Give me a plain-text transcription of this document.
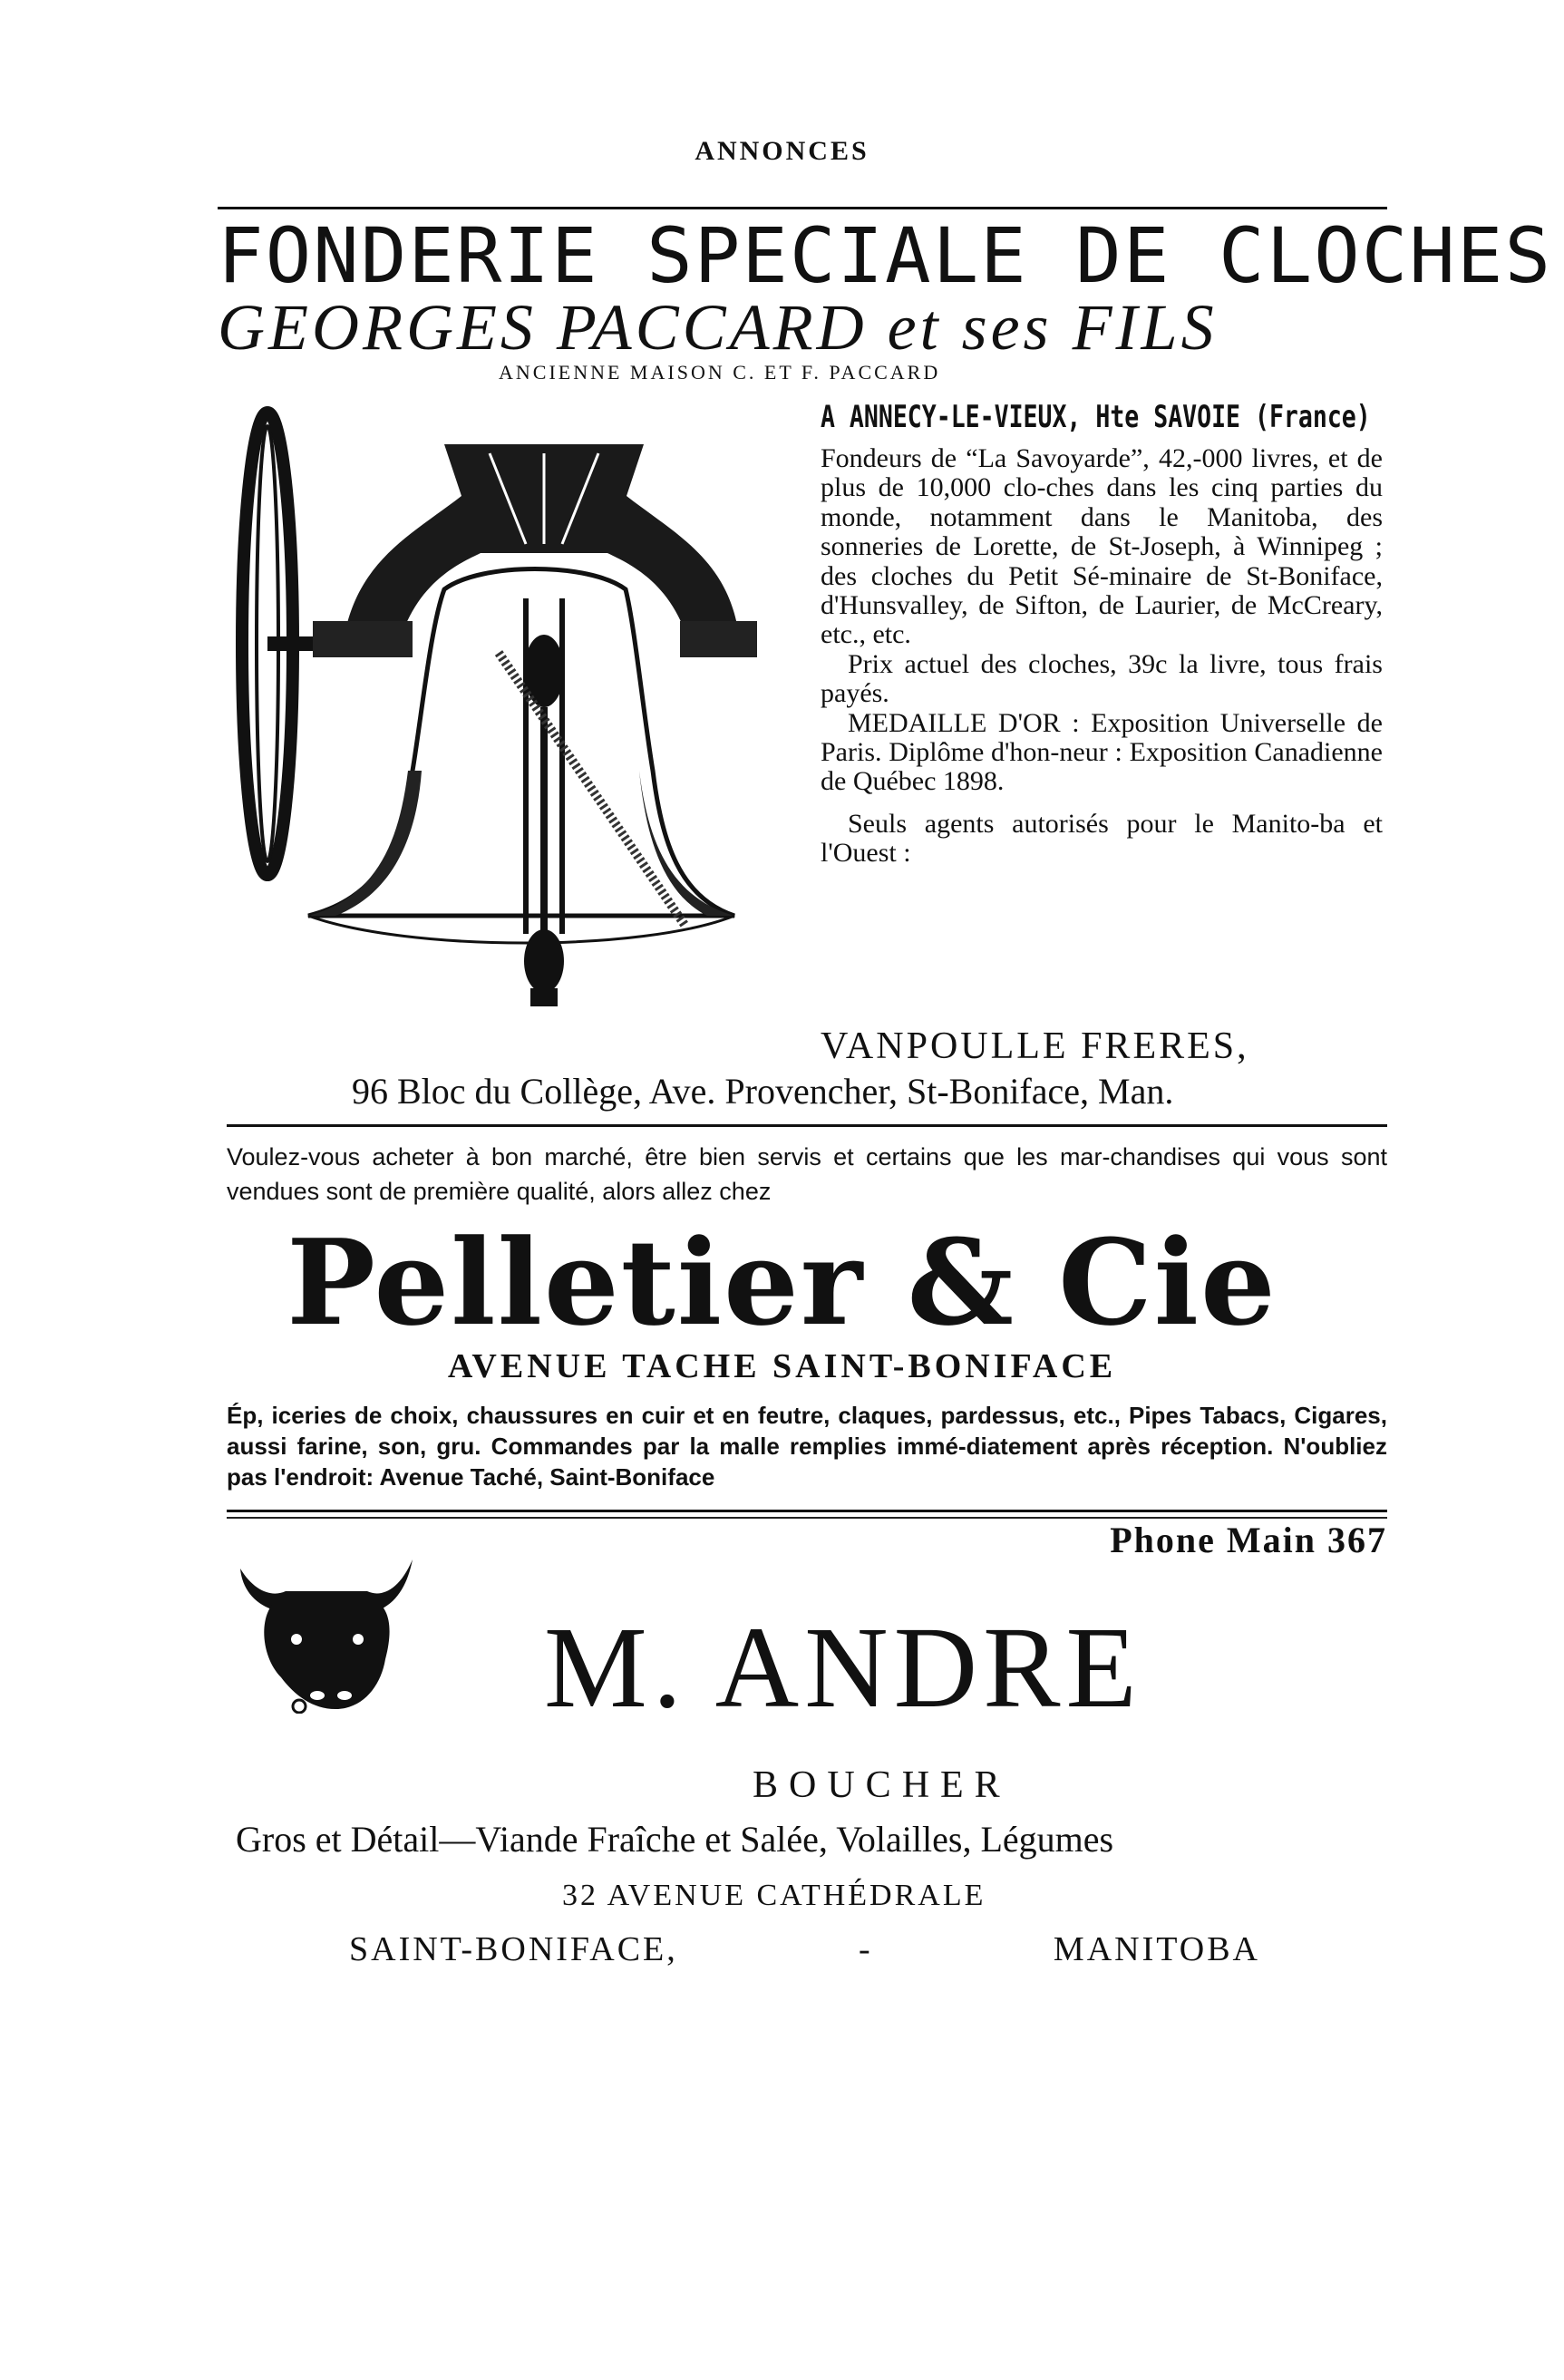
ANNONCES
FONDERIE SPECIALE DE CLOCHES
GEORGES PACCARD et ses FILS
ANCIENNE MAISON C. ET F. PACCARD
A ANNECY-LE-VIEUX, Hte SAVOIE (France)

Fondeurs de “La Savoyarde”, 42,-000 livres, et de plus de 10,000 clo-ches dans les cinq parties du monde, notamment dans le Manitoba, des sonneries de Lorette, de St-Joseph, à Winnipeg ; des cloches du Petit Sé-minaire de St-Boniface, d'Hunsvalley, de Sifton, de Laurier, de McCreary, etc., etc.

Prix actuel des cloches, 39c la livre, tous frais payés.

MEDAILLE D'OR : Exposition Universelle de Paris. Diplôme d'hon-neur : Exposition Canadienne de Québec 1898.

Seuls agents autorisés pour le Manito-ba et l'Ouest :

VANPOULLE FRERES,
96 Bloc du Collège, Ave. Provencher, St-Boniface, Man.
Voulez-vous acheter à bon marché, être bien servis et certains que les mar-chandises qui vous sont vendues sont de première qualité, alors allez chez
Pelletier & Cie
AVENUE TACHE SAINT-BONIFACE
Ép, iceries de choix, chaussures en cuir et en feutre, claques, pardessus, etc., Pipes Tabacs, Cigares, aussi farine, son, gru. Commandes par la malle remplies immé-diatement après réception. N'oubliez pas l'endroit: Avenue Taché, Saint-Boniface
Phone Main 367
M. ANDRE
BOUCHER
Gros et Détail—Viande Fraîche et Salée, Volailles, Légumes
32 AVENUE CATHÉDRALE
SAINT-BONIFACE,	-	MANITOBA
